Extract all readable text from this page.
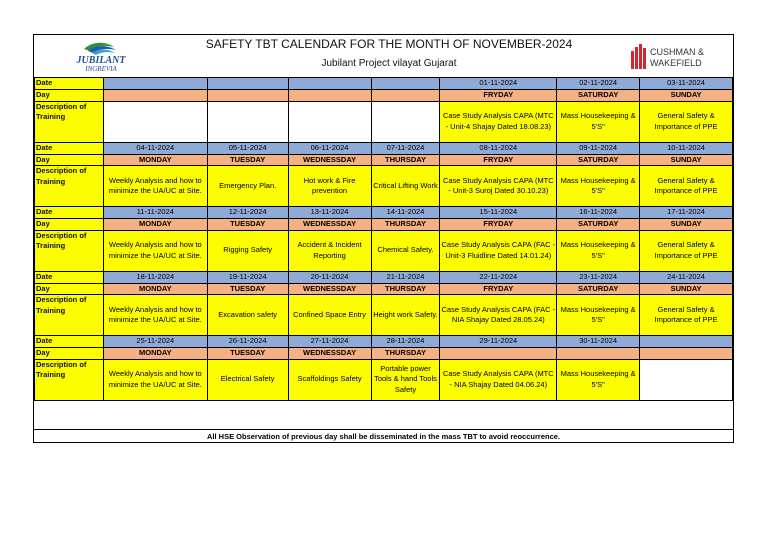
JUBILANT
INGREVIA
SAFETY TBT CALENDAR FOR THE MONTH OF NOVEMBER-2024
Jubilant Project vilayat Gujarat
CUSHMAN &
WAKEFIELD
Date					01-11-2024	02-11-2024	03-11-2024
Day					FRYDAY	SATURDAY	SUNDAY
Description of Training					Case Study Analysis CAPA (MTC - Unit-4 Shajay Dated 18.08.23)	Mass Housekeeping & 5'S"	General Safety & Importance of PPE
Date	04-11-2024	05-11-2024	06-11-2024	07-11-2024	08-11-2024	09-11-2024	10-11-2024
Day	MONDAY	TUESDAY	WEDNESSDAY	THURSDAY	FRYDAY	SATURDAY	SUNDAY
Description of Training	Weekly Analysis and how to minimize the UA/UC at Site.	Emergency Plan.	Hot work & Fire prevention	Critical Lifting Work	Case Study Analysis CAPA (MTC - Unit-3 Suroj Dated 30.10.23)	Mass Housekeeping & 5'S"	General Safety & Importance of PPE
Date	11-11-2024	12-11-2024	13-11-2024	14-11-2024	15-11-2024	16-11-2024	17-11-2024
Day	MONDAY	TUESDAY	WEDNESSDAY	THURSDAY	FRYDAY	SATURDAY	SUNDAY
Description of Training	Weekly Analysis and how to minimize the UA/UC at Site.	Rigging Safety	Accident & Incident Reporting	Chemical Safety.	Case Study Analysis CAPA (FAC - Unit-3 Fluidline Dated 14.01.24)	Mass Housekeeping & 5'S"	General Safety & Importance of PPE
Date	18-11-2024	19-11-2024	20-11-2024	21-11-2024	22-11-2024	23-11-2024	24-11-2024
Day	MONDAY	TUESDAY	WEDNESSDAY	THURSDAY	FRYDAY	SATURDAY	SUNDAY
Description of Training	Weekly Analysis and how to minimize the UA/UC at Site.	Excavation safety	Confined Space Entry	Height work Safety.	Case Study Analysis CAPA (FAC - NIA Shajay Dated 28.05.24)	Mass Housekeeping & 5'S"	General Safety & Importance of PPE
Date	25-11-2024	26-11-2024	27-11-2024	28-11-2024	29-11-2024	30-11-2024	
Day	MONDAY	TUESDAY	WEDNESSDAY	THURSDAY			
Description of Training	Weekly Analysis and how to minimize the UA/UC at Site.	Electrical Safety	Scaffoldings Safety	Portable power Tools & hand Tools Safety	Case Study Analysis CAPA (MTC - NIA Shajay Dated 04.06.24)	Mass Housekeeping & 5'S"	
All HSE Observation of previous day shall be disseminated in the mass TBT to avoid reoccurrence.
